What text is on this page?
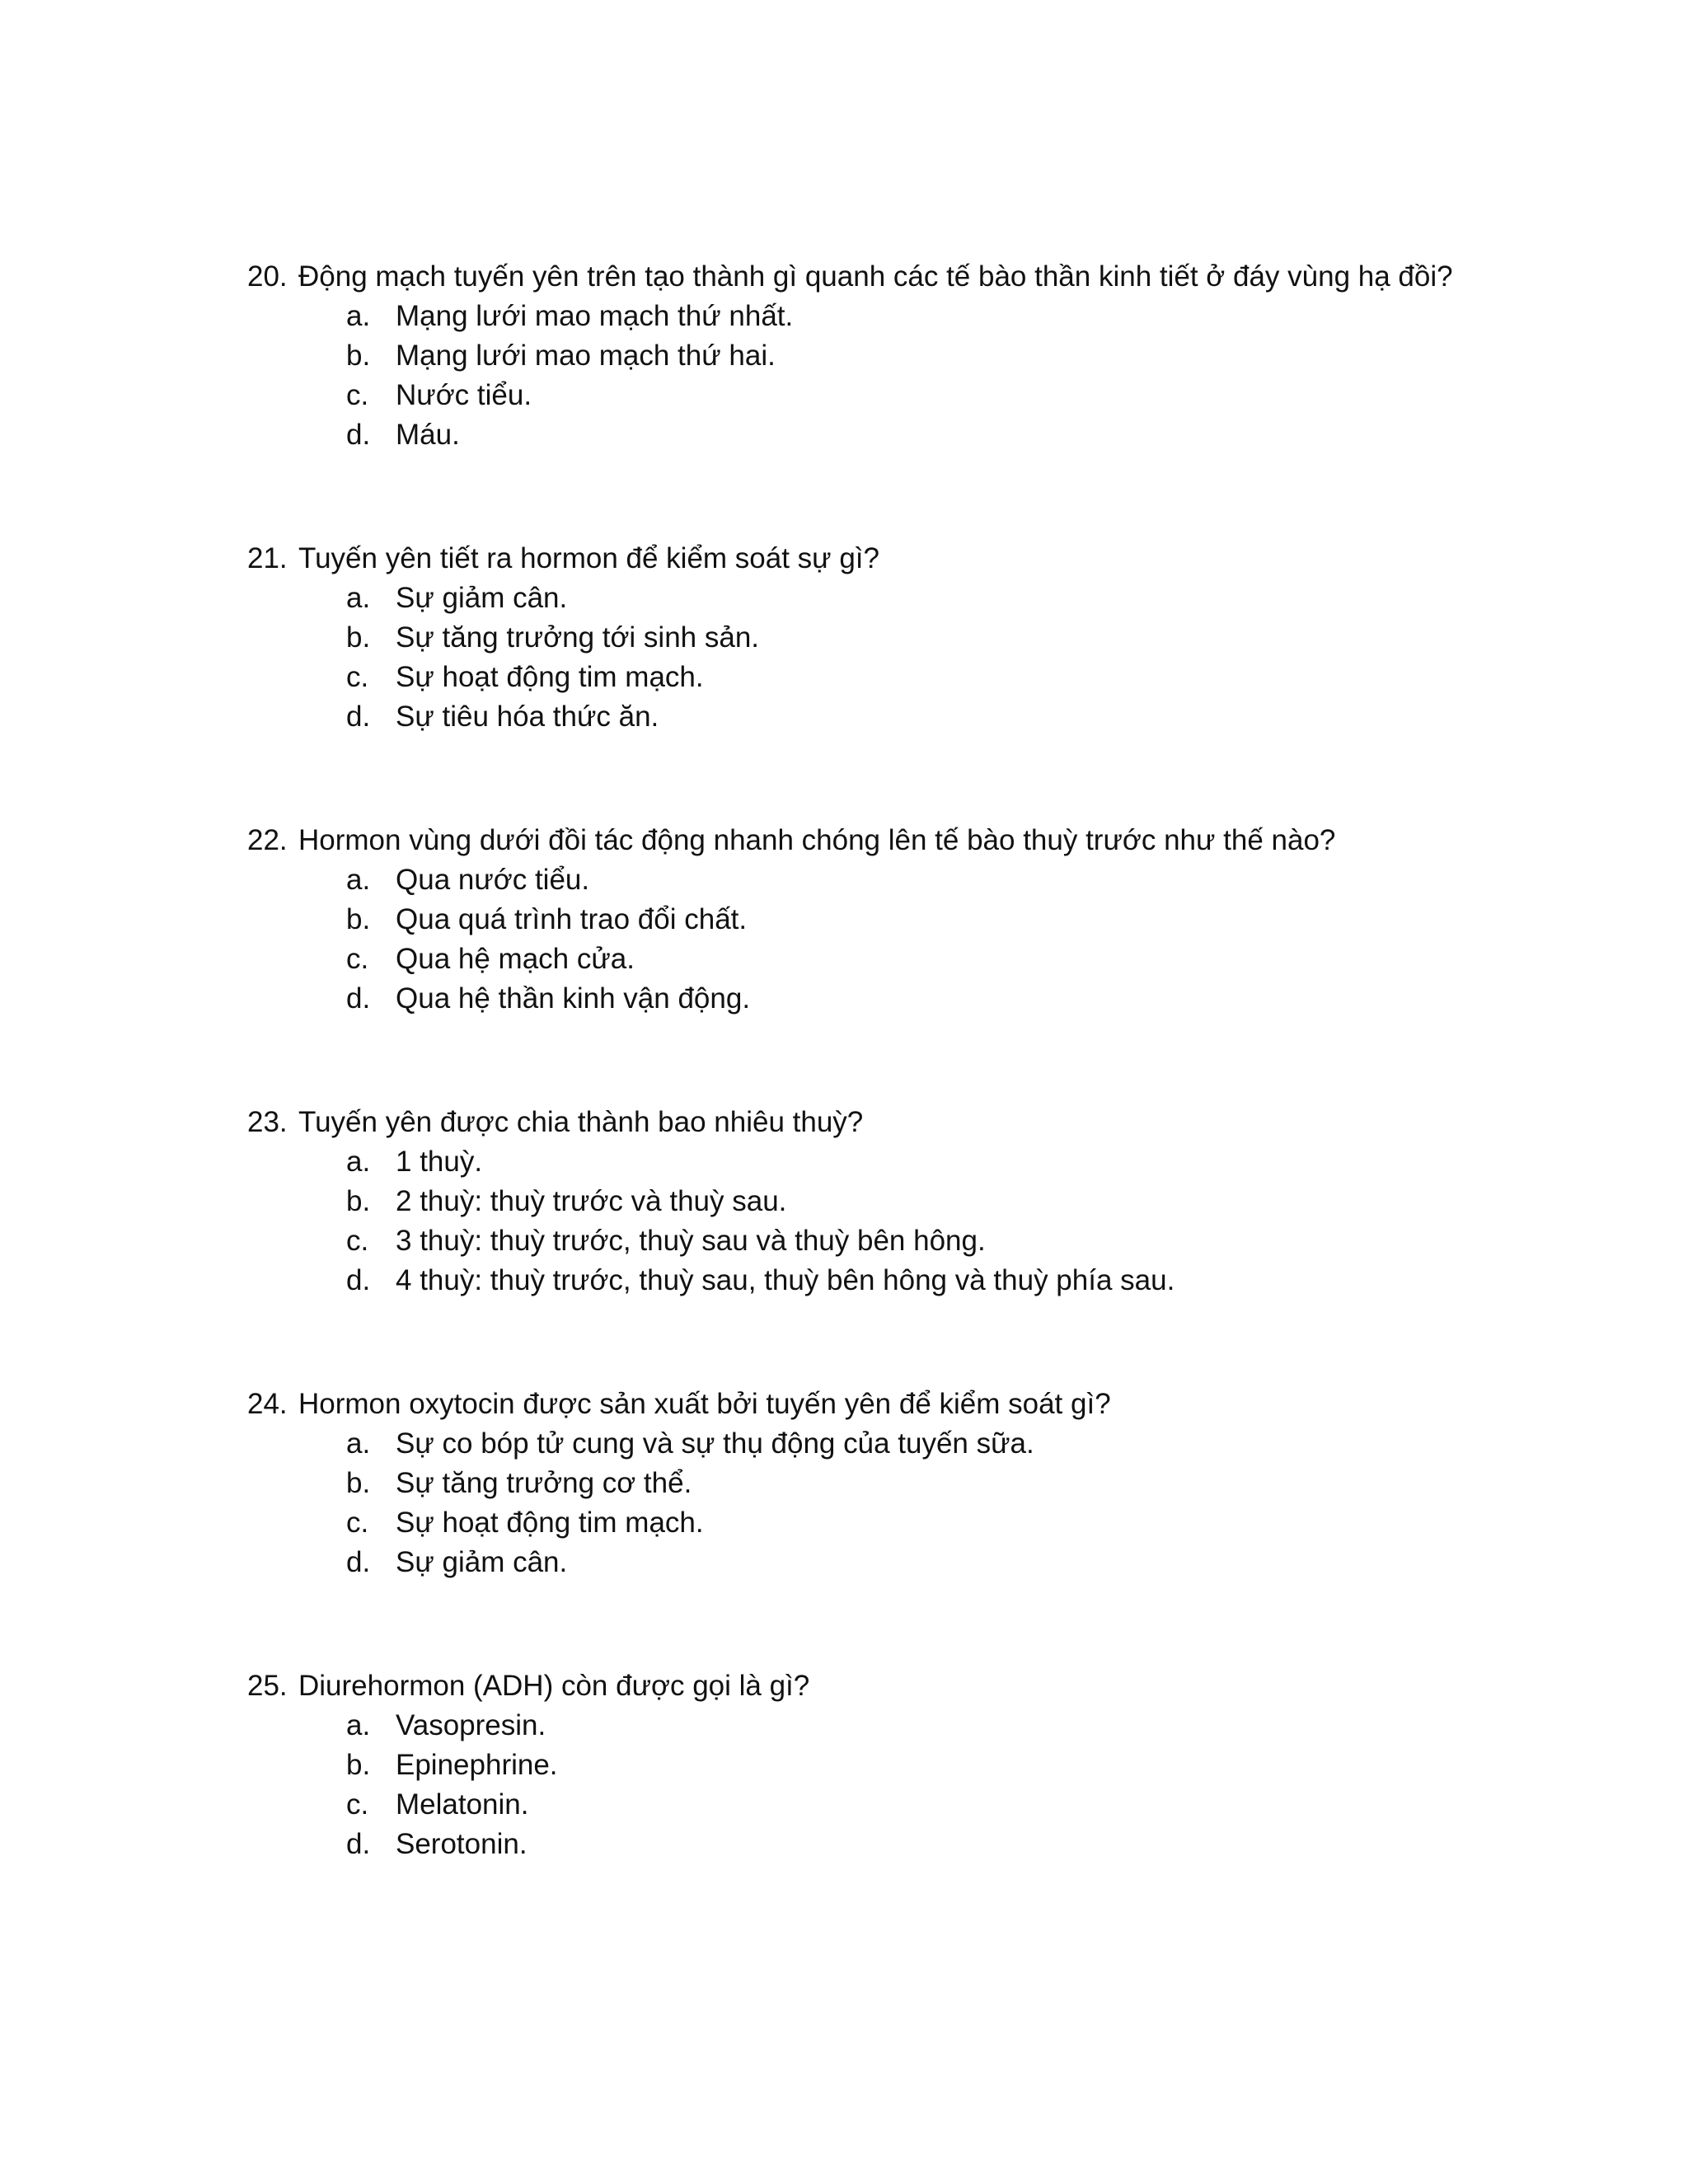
20. Động mạch tuyến yên trên tạo thành gì quanh các tế bào thần kinh tiết ở đáy vùng hạ đồi?
a. Mạng lưới mao mạch thứ nhất.
b. Mạng lưới mao mạch thứ hai.
c. Nước tiểu.
d. Máu.
21. Tuyến yên tiết ra hormon để kiểm soát sự gì?
a. Sự giảm cân.
b. Sự tăng trưởng tới sinh sản.
c. Sự hoạt động tim mạch.
d. Sự tiêu hóa thức ăn.
22. Hormon vùng dưới đồi tác động nhanh chóng lên tế bào thuỳ trước như thế nào?
a. Qua nước tiểu.
b. Qua quá trình trao đổi chất.
c. Qua hệ mạch cửa.
d. Qua hệ thần kinh vận động.
23. Tuyến yên được chia thành bao nhiêu thuỳ?
a. 1 thuỳ.
b. 2 thuỳ: thuỳ trước và thuỳ sau.
c. 3 thuỳ: thuỳ trước, thuỳ sau và thuỳ bên hông.
d. 4 thuỳ: thuỳ trước, thuỳ sau, thuỳ bên hông và thuỳ phía sau.
24. Hormon oxytocin được sản xuất bởi tuyến yên để kiểm soát gì?
a. Sự co bóp tử cung và sự thụ động của tuyến sữa.
b. Sự tăng trưởng cơ thể.
c. Sự hoạt động tim mạch.
d. Sự giảm cân.
25. Diurehormon (ADH) còn được gọi là gì?
a. Vasopresin.
b. Epinephrine.
c. Melatonin.
d. Serotonin.
